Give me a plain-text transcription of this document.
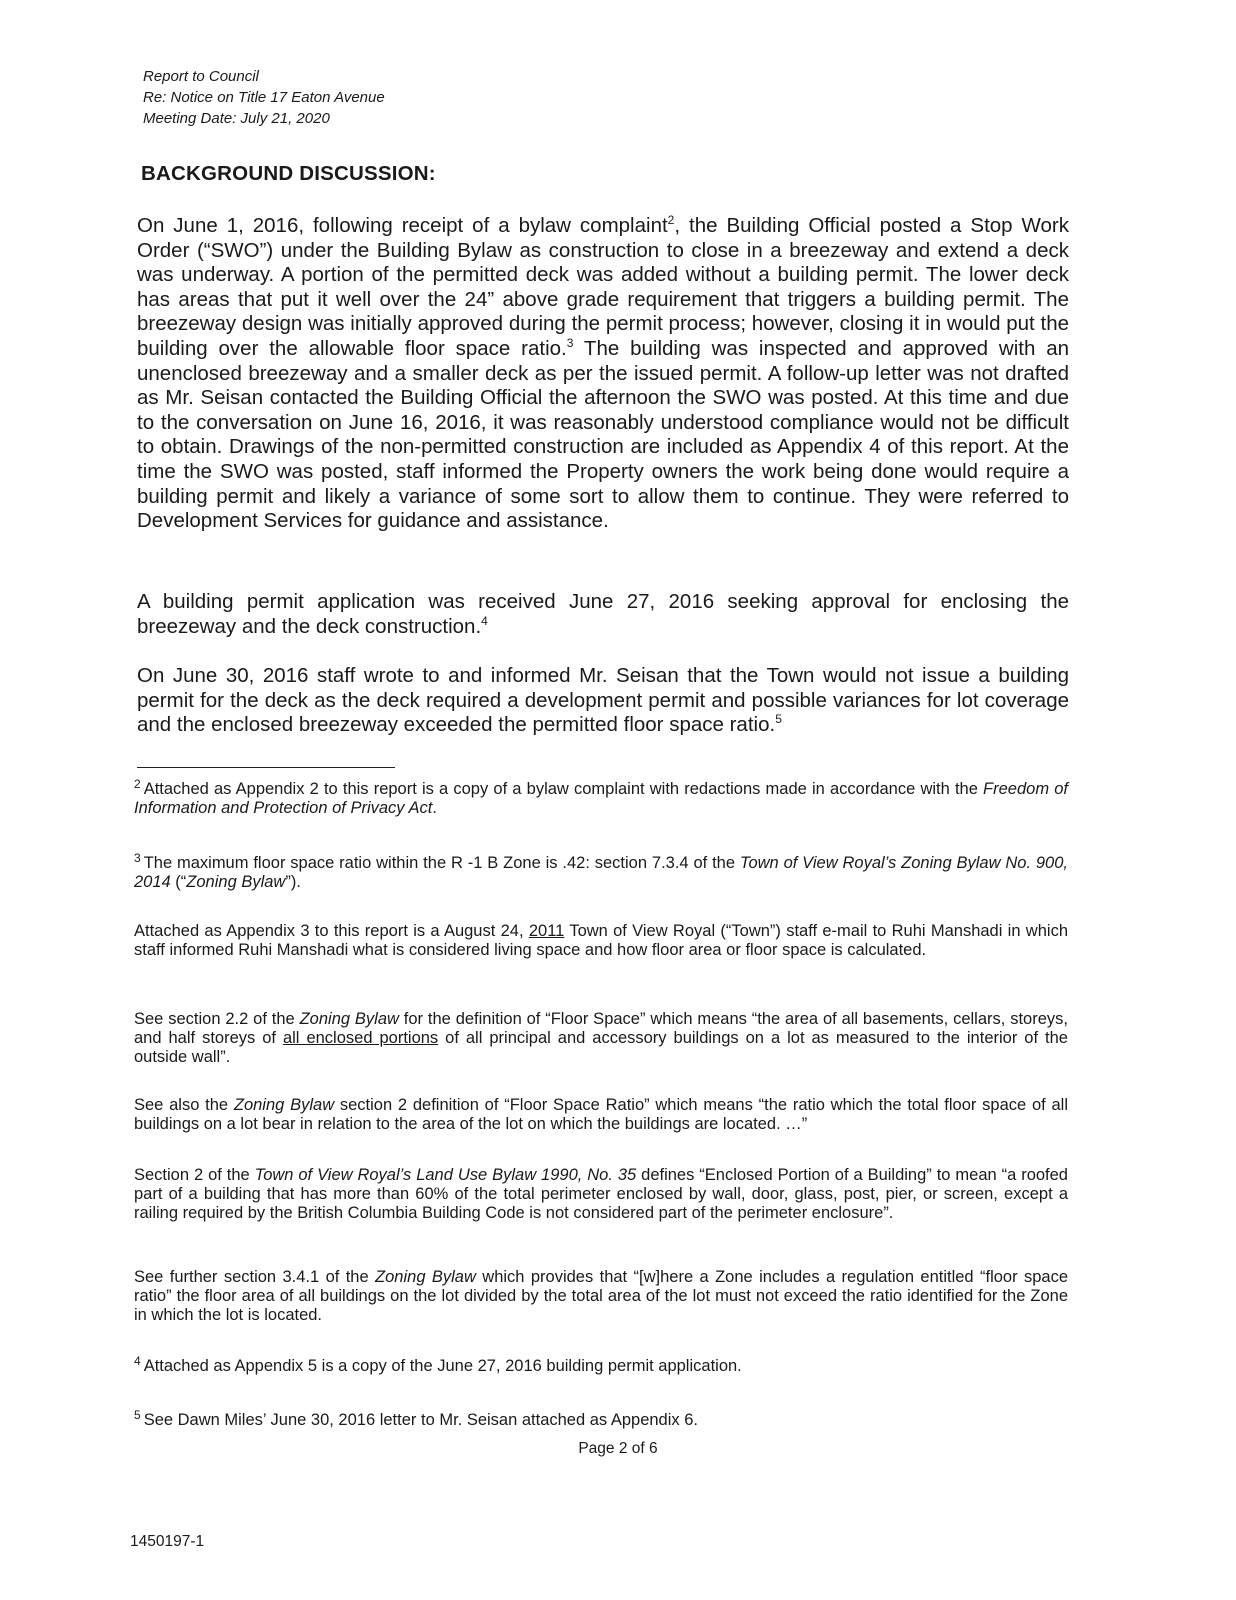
Report to Council
Re: Notice on Title 17 Eaton Avenue
Meeting Date: July 21, 2020
BACKGROUND DISCUSSION:

On June 1, 2016, following receipt of a bylaw complaint$^2$, the Building Official posted a Stop Work Order (“SWO”) under the Building Bylaw as construction to close in a breezeway and extend a deck was underway. A portion of the permitted deck was added without a building permit. The lower deck has areas that put it well over the 24” above grade requirement that triggers a building permit. The breezeway design was initially approved during the permit process; however, closing it in would put the building over the allowable floor space ratio.$^3$ The building was inspected and approved with an unenclosed breezeway and a smaller deck as per the issued permit. A follow-up letter was not drafted as Mr. Seisan contacted the Building Official the afternoon the SWO was posted. At this time and due to the conversation on June 16, 2016, it was reasonably understood compliance would not be difficult to obtain. Drawings of the non-permitted construction are included as Appendix 4 of this report. At the time the SWO was posted, staff informed the Property owners the work being done would require a building permit and likely a variance of some sort to allow them to continue. They were referred to Development Services for guidance and assistance.

A building permit application was received June 27, 2016 seeking approval for enclosing the breezeway and the deck construction.$^4$

On June 30, 2016 staff wrote to and informed Mr. Seisan that the Town would not issue a building permit for the deck as the deck required a development permit and possible variances for lot coverage and the enclosed breezeway exceeded the permitted floor space ratio.$^5$

$^2$ Attached as Appendix 2 to this report is a copy of a bylaw complaint with redactions made in accordance with the Freedom of Information and Protection of Privacy Act.

$^3$ The maximum floor space ratio within the R -1 B Zone is .42: section 7.3.4 of the Town of View Royal’s Zoning Bylaw No. 900, 2014 (“Zoning Bylaw”).

Attached as Appendix 3 to this report is a August 24, 2011 Town of View Royal (“Town”) staff e-mail to Ruhi Manshadi in which staff informed Ruhi Manshadi what is considered living space and how floor area or floor space is calculated.

See section 2.2 of the Zoning Bylaw for the definition of “Floor Space” which means “the area of all basements, cellars, storeys, and half storeys of all enclosed portions of all principal and accessory buildings on a lot as measured to the interior of the outside wall”.

See also the Zoning Bylaw section 2 definition of “Floor Space Ratio” which means “the ratio which the total floor space of all buildings on a lot bear in relation to the area of the lot on which the buildings are located. …”

Section 2 of the Town of View Royal’s Land Use Bylaw 1990, No. 35 defines “Enclosed Portion of a Building” to mean “a roofed part of a building that has more than 60% of the total perimeter enclosed by wall, door, glass, post, pier, or screen, except a railing required by the British Columbia Building Code is not considered part of the perimeter enclosure”.

See further section 3.4.1 of the Zoning Bylaw which provides that “[w]here a Zone includes a regulation entitled “floor space ratio” the floor area of all buildings on the lot divided by the total area of the lot must not exceed the ratio identified for the Zone in which the lot is located.

$^4$ Attached as Appendix 5 is a copy of the June 27, 2016 building permit application.

$^5$ See Dawn Miles’ June 30, 2016 letter to Mr. Seisan attached as Appendix 6.

Page 2 of 6
1450197-1
